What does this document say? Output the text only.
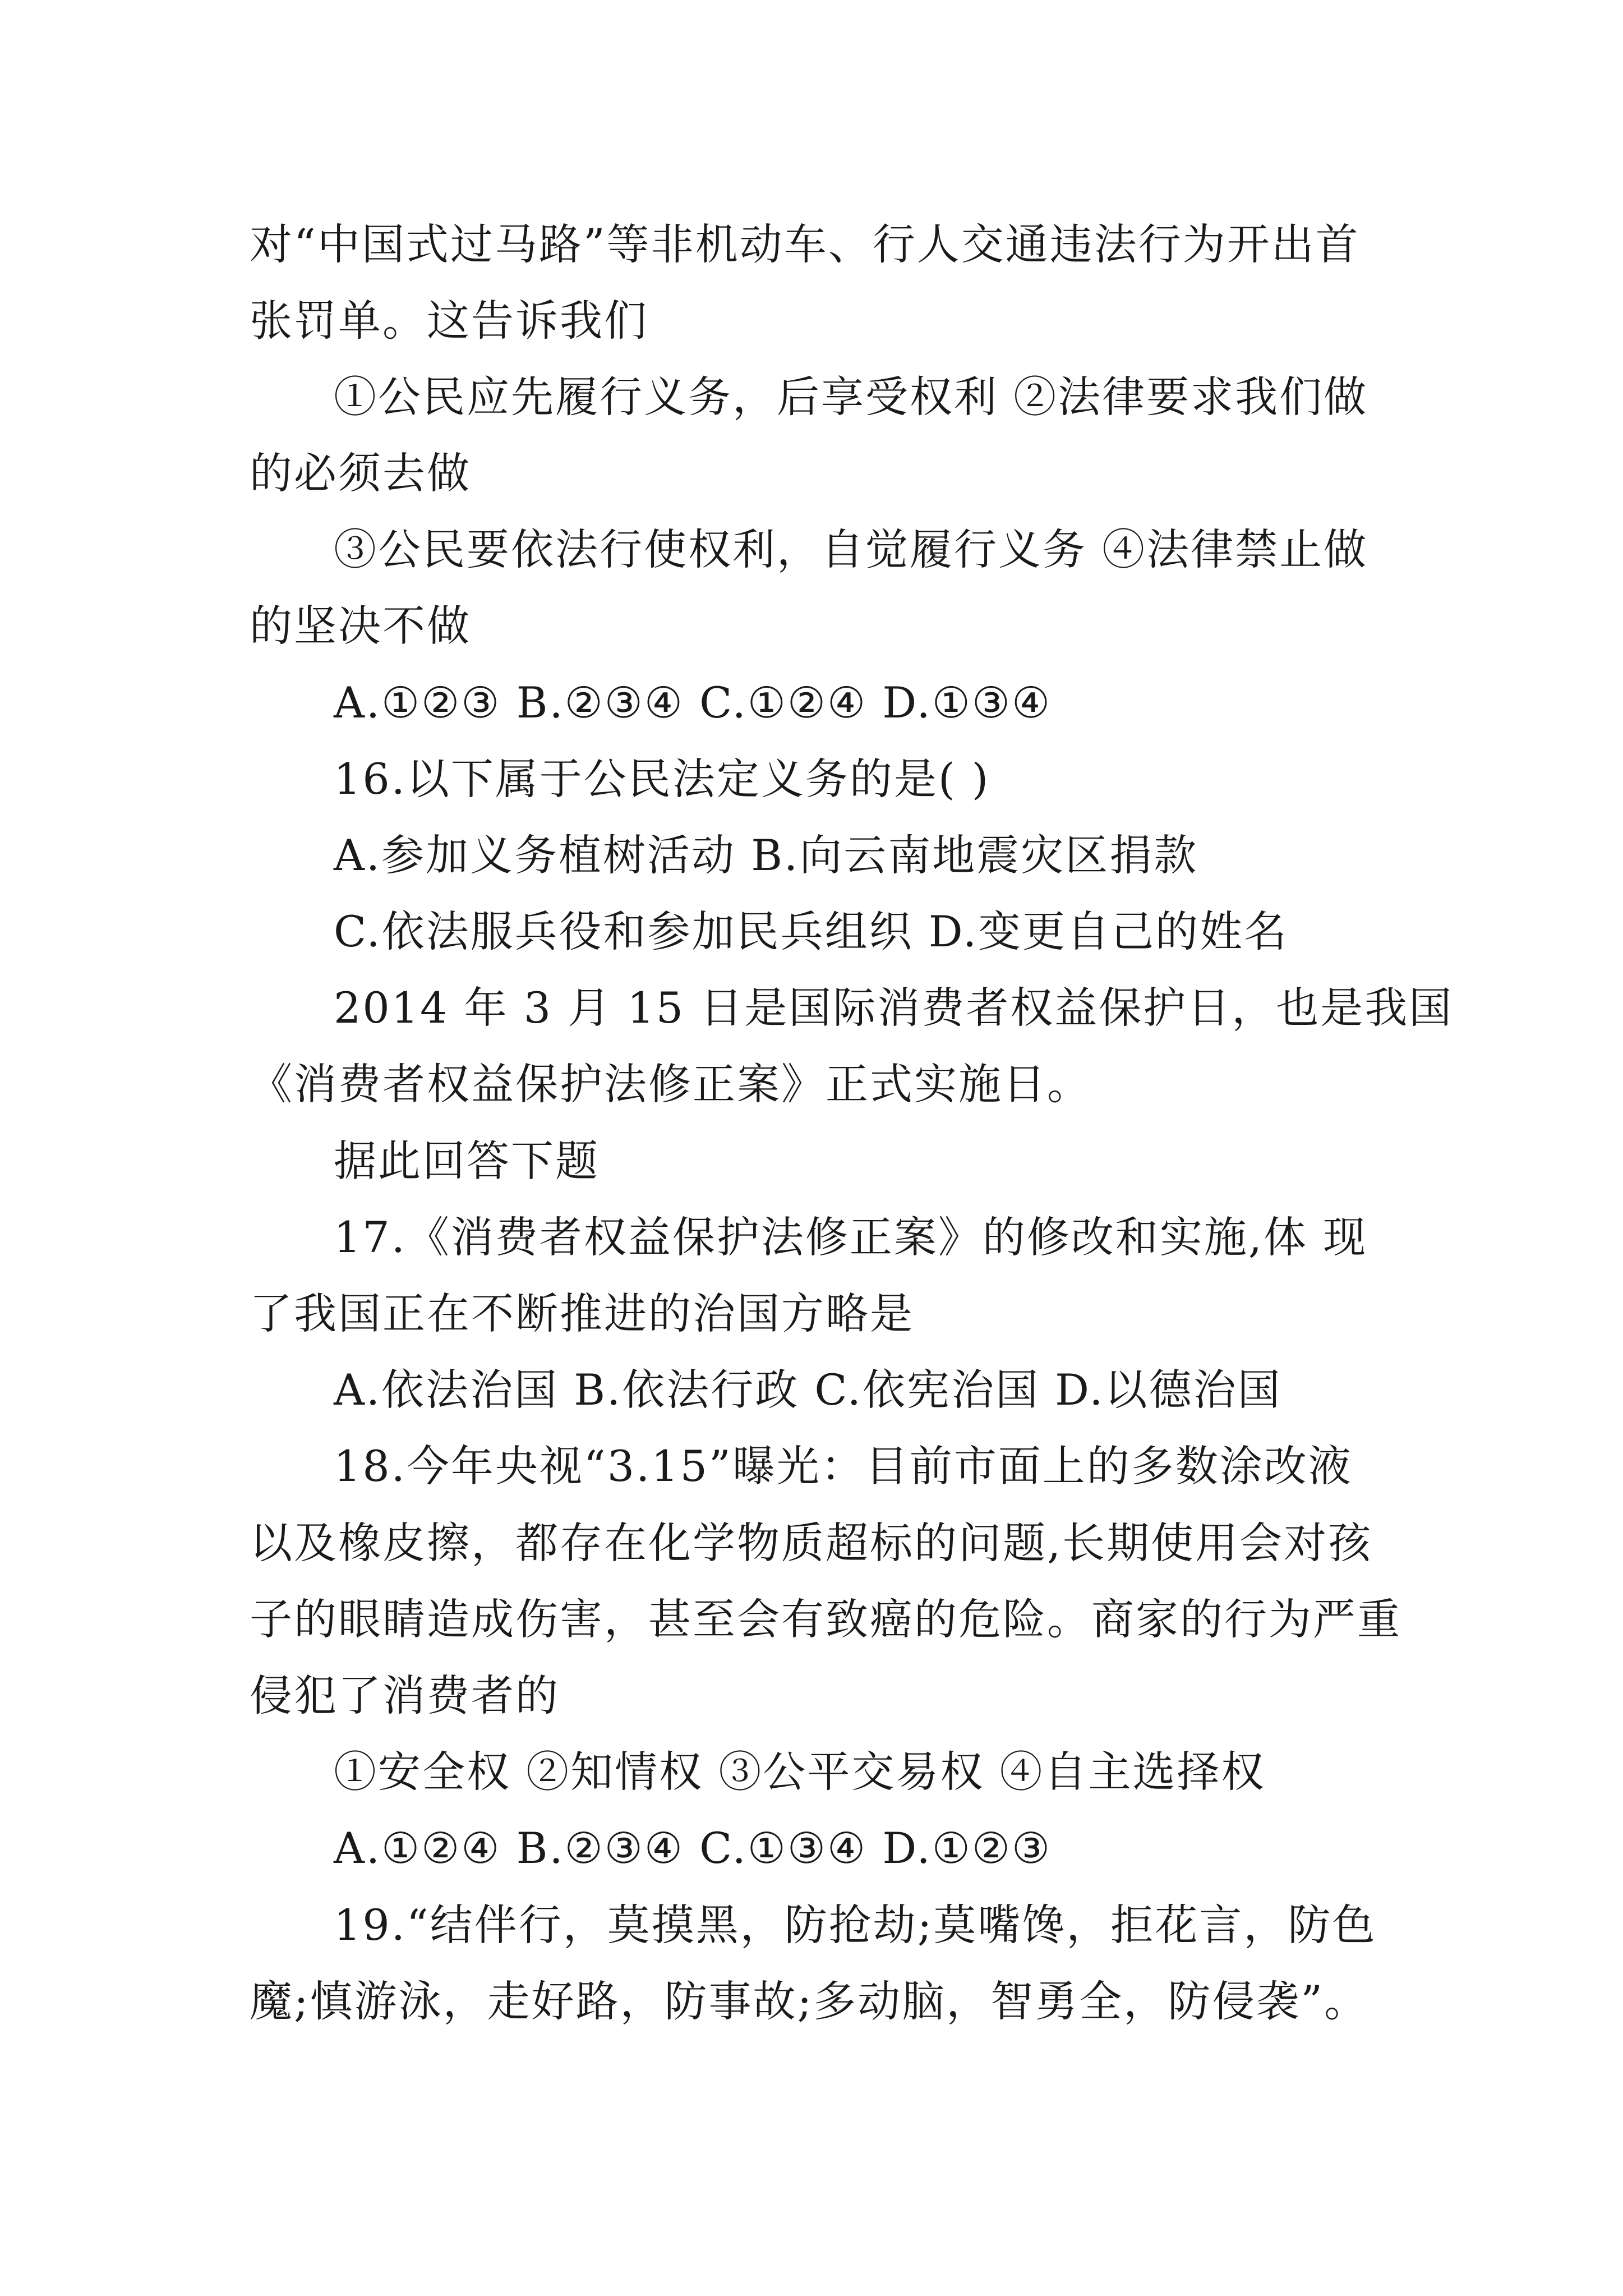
对“中国式过马路”等非机动车、行人交通违法行为开出首
张罚单。这告诉我们
①公民应先履行义务，后享受权利 ②法律要求我们做
的必须去做
③公民要依法行使权利，自觉履行义务 ④法律禁止做
的坚决不做
A.①②③ B.②③④ C.①②④ D.①③④
16.以下属于公民法定义务的是( )
A.参加义务植树活动 B.向云南地震灾区捐款
C.依法服兵役和参加民兵组织 D.变更自己的姓名
2014 年 3 月 15 日是国际消费者权益保护日，也是我国
《消费者权益保护法修正案》正式实施日。
据此回答下题
17.《消费者权益保护法修正案》的修改和实施,体 现
了我国正在不断推进的治国方略是
A.依法治国 B.依法行政 C.依宪治国 D.以德治国
18.今年央视“3.15”曝光：目前市面上的多数涂改液
以及橡皮擦，都存在化学物质超标的问题,长期使用会对孩
子的眼睛造成伤害，甚至会有致癌的危险。商家的行为严重
侵犯了消费者的
①安全权 ②知情权 ③公平交易权 ④自主选择权
A.①②④ B.②③④ C.①③④ D.①②③
19.“结伴行，莫摸黑，防抢劫;莫嘴馋，拒花言，防色
魔;慎游泳，走好路，防事故;多动脑，智勇全，防侵袭”。
